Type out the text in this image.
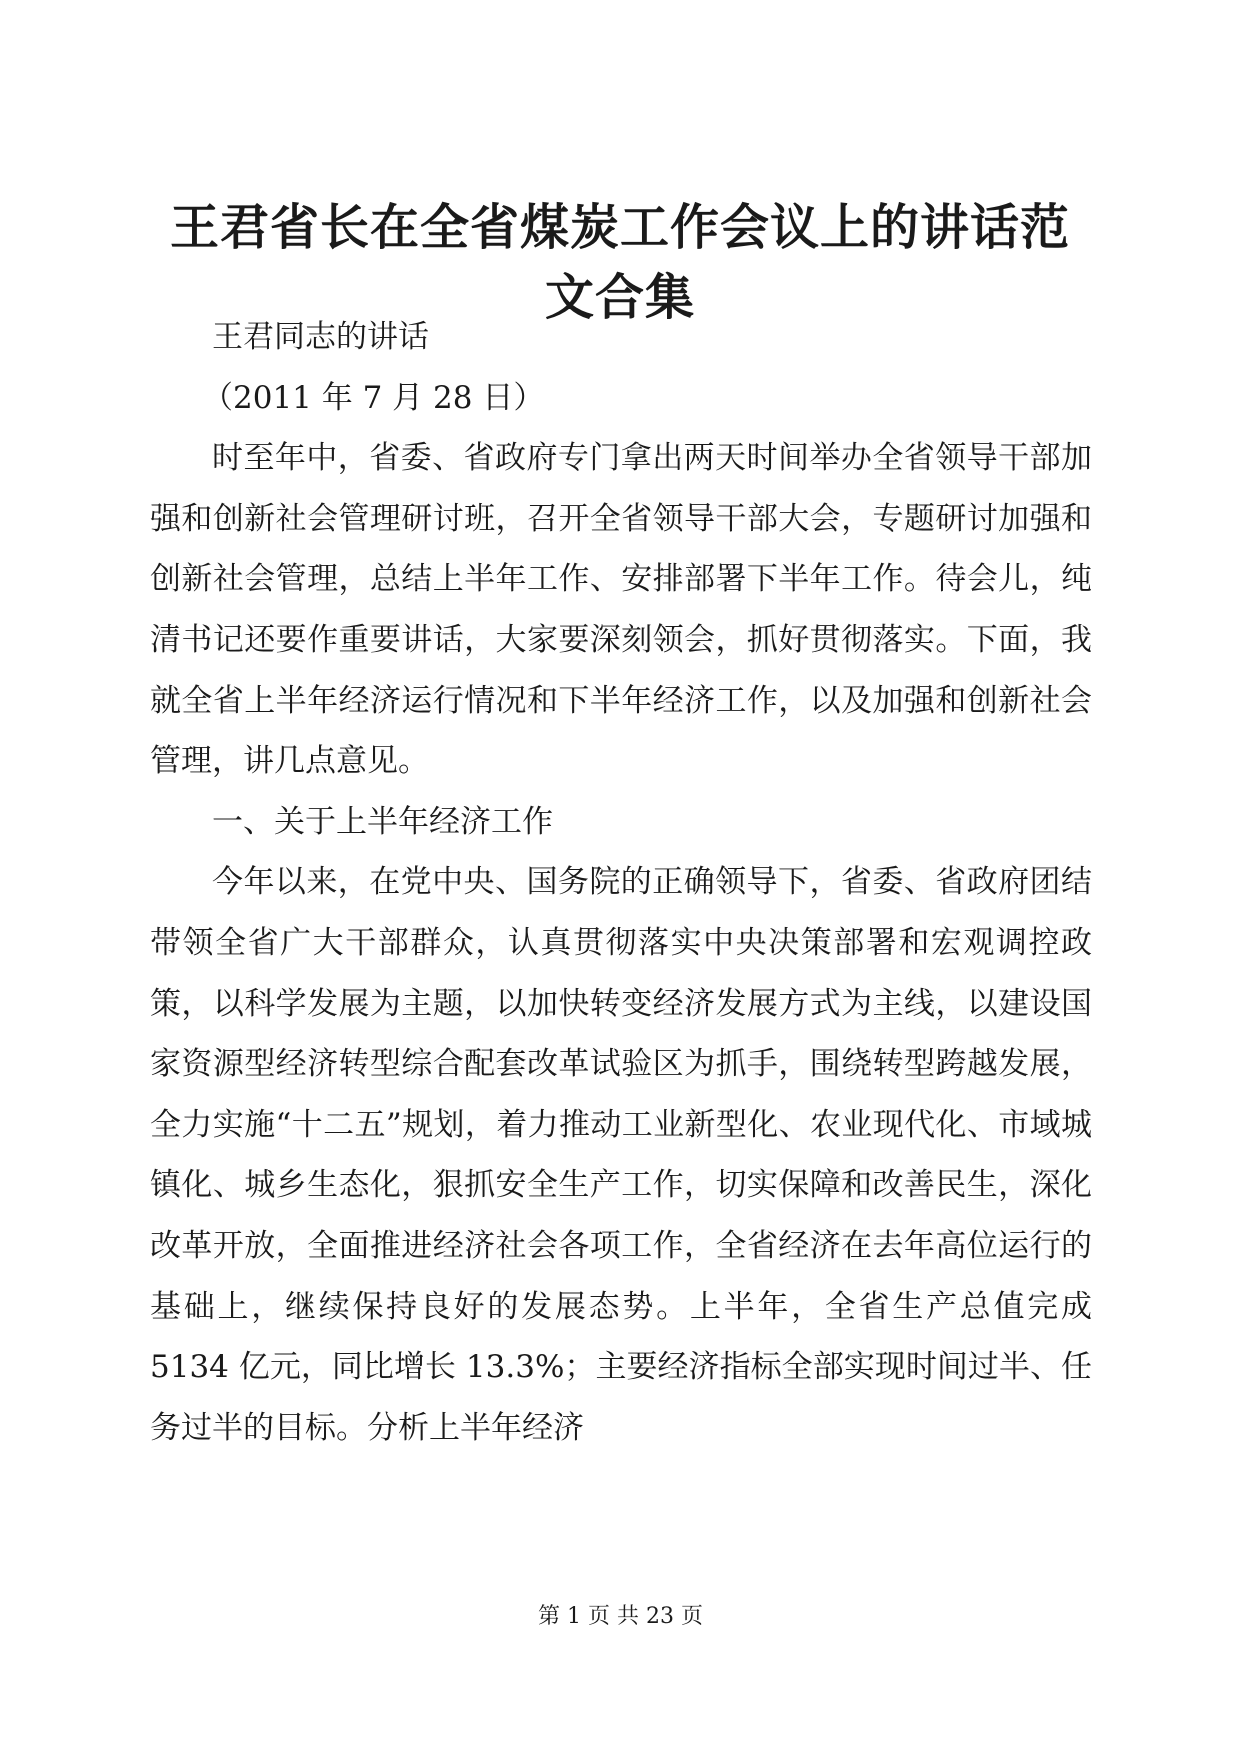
王君省长在全省煤炭工作会议上的讲话范文合集

王君同志的讲话

（2011 年 7 月 28 日）

时至年中，省委、省政府专门拿出两天时间举办全省领导干部加强和创新社会管理研讨班，召开全省领导干部大会，专题研讨加强和创新社会管理，总结上半年工作、安排部署下半年工作。待会儿，纯清书记还要作重要讲话，大家要深刻领会，抓好贯彻落实。下面，我就全省上半年经济运行情况和下半年经济工作，以及加强和创新社会管理，讲几点意见。

一、关于上半年经济工作

今年以来，在党中央、国务院的正确领导下，省委、省政府团结带领全省广大干部群众，认真贯彻落实中央决策部署和宏观调控政策，以科学发展为主题，以加快转变经济发展方式为主线，以建设国家资源型经济转型综合配套改革试验区为抓手，围绕转型跨越发展，全力实施“十二五”规划，着力推动工业新型化、农业现代化、市域城镇化、城乡生态化，狠抓安全生产工作，切实保障和改善民生，深化改革开放，全面推进经济社会各项工作，全省经济在去年高位运行的基础上，继续保持良好的发展态势。上半年，全省生产总值完成 5134 亿元，同比增长 13.3%；主要经济指标全部实现时间过半、任务过半的目标。分析上半年经济

第 1 页 共 23 页
